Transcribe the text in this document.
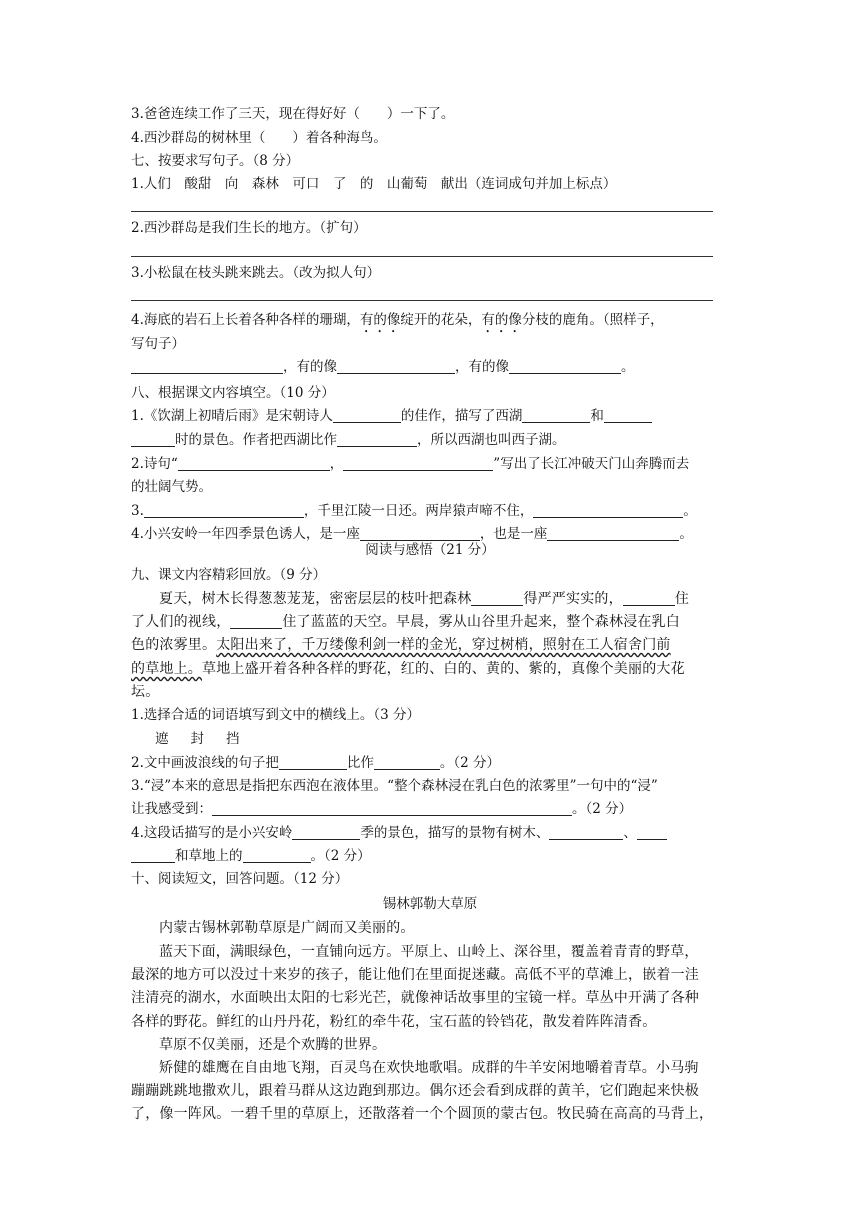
3.爸爸连续工作了三天，现在得好好（　　）一下了。
4.西沙群岛的树林里（　　）着各种海鸟。
七、按要求写句子。（8 分）
1.人们　酸甜　向　森林　可口　了　的　山葡萄　献出（连词成句并加上标点）
2.西沙群岛是我们生长的地方。（扩句）
3.小松鼠在枝头跳来跳去。（改为拟人句）
4.海底的岩石上长着各种各样的珊瑚，有的像绽开的花朵，有的像分枝的鹿角。（照样子，
写句子）
，有的像	，有的像	。
八、根据课文内容填空。（10 分）
1.《饮湖上初晴后雨》是宋朝诗人	的佳作，描写了西湖	和
时的景色。作者把西湖比作	，所以西湖也叫西子湖。
2.诗句“	，	”写出了长江冲破天门山奔腾而去
的壮阔气势。
3.	，千里江陵一日还。两岸猿声啼不住，	。
4.小兴安岭一年四季景色诱人，是一座	，也是一座	。
阅读与感悟（21 分）
九、课文内容精彩回放。（9 分）
夏天，树木长得葱葱茏茏，密密层层的枝叶把森林	得严严实实的，	住
了人们的视线，	住了蓝蓝的天空。早晨，雾从山谷里升起来，整个森林浸在乳白
色的浓雾里。太阳出来了，千万缕像利剑一样的金光，穿过树梢，照射在工人宿舍门前
的草地上。草地上盛开着各种各样的野花，红的、白的、黄的、紫的，真像个美丽的大花
坛。
1.选择合适的词语填写到文中的横线上。（3 分）
遮 封 挡
2.文中画波浪线的句子把	比作	。（2 分）
3.“浸”本来的意思是指把东西泡在液体里。“整个森林浸在乳白色的浓雾里”一句中的“浸”
让我感受到：	。（2 分）
4.这段话描写的是小兴安岭	季的景色，描写的景物有树木、	、
和草地上的	。（2 分）
十、阅读短文，回答问题。（12 分）
锡林郭勒大草原
内蒙古锡林郭勒草原是广阔而又美丽的。
蓝天下面，满眼绿色，一直铺向远方。平原上、山岭上、深谷里，覆盖着青青的野草，
最深的地方可以没过十来岁的孩子，能让他们在里面捉迷藏。高低不平的草滩上，嵌着一洼
洼清亮的湖水，水面映出太阳的七彩光芒，就像神话故事里的宝镜一样。草丛中开满了各种
各样的野花。鲜红的山丹丹花，粉红的牵牛花，宝石蓝的铃铛花，散发着阵阵清香。
草原不仅美丽，还是个欢腾的世界。
矫健的雄鹰在自由地飞翔，百灵鸟在欢快地歌唱。成群的牛羊安闲地嚼着青草。小马驹
蹦蹦跳跳地撒欢儿，跟着马群从这边跑到那边。偶尔还会看到成群的黄羊，它们跑起来快极
了，像一阵风。一碧千里的草原上，还散落着一个个圆顶的蒙古包。牧民骑在高高的马背上，
